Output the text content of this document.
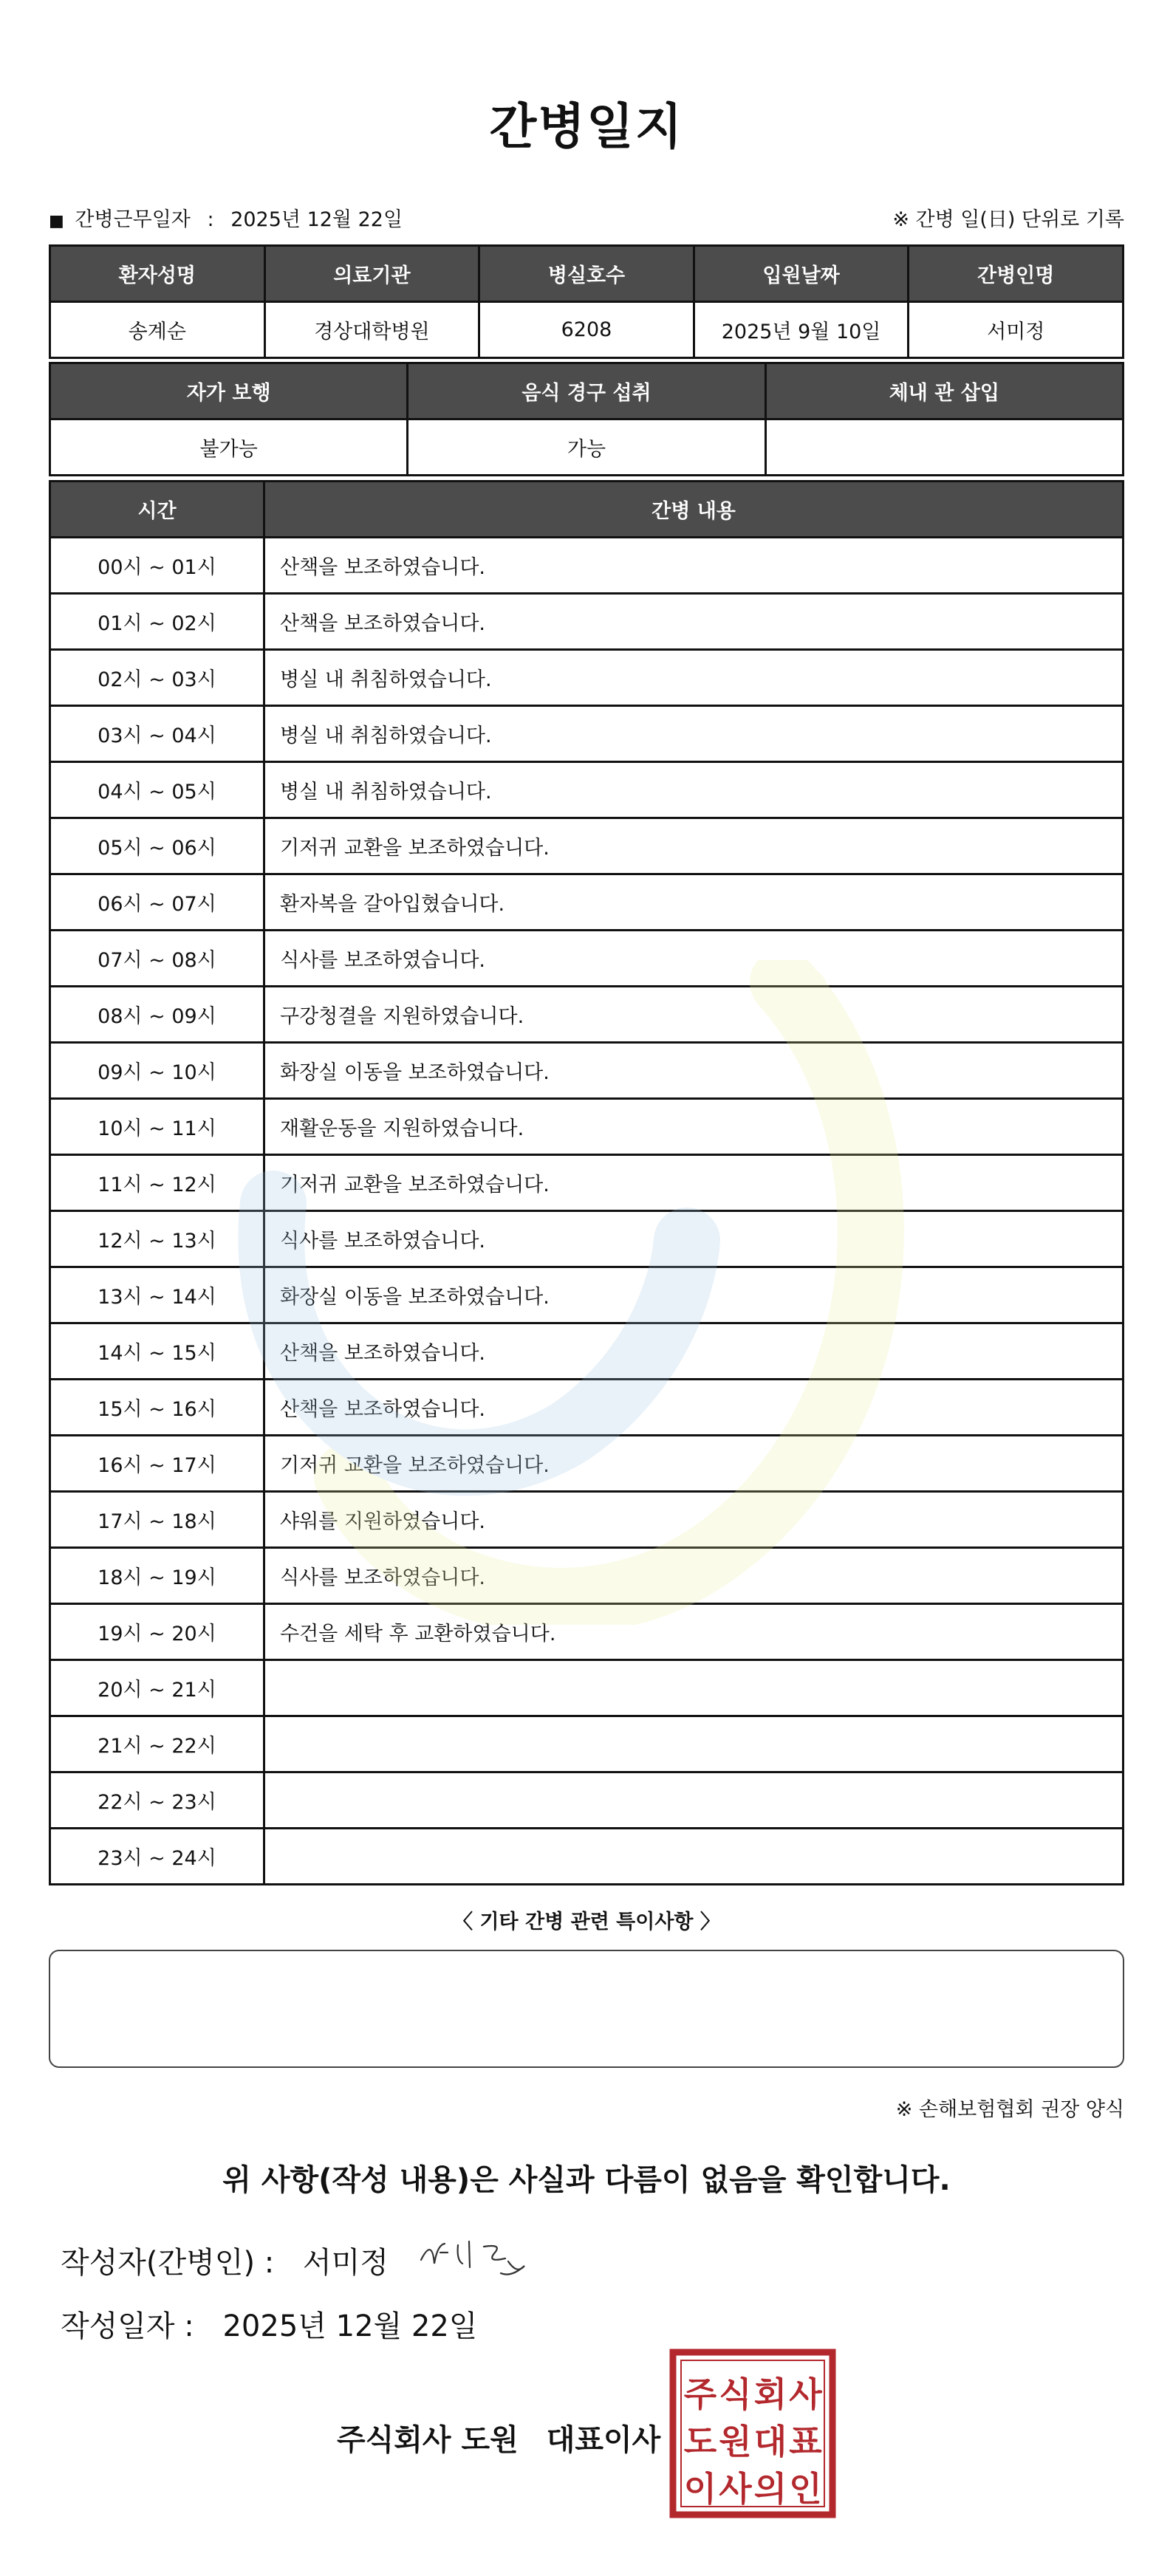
간병일지
■ 간병근무일자 : 2025년 12월 22일	※ 간병 일(日) 단위로 기록
환자성명	의료기관	병실호수	입원날짜	간병인명
송계순	경상대학병원	6208	2025년 9월 10일	서미정
자가 보행	음식 경구 섭취	체내 관 삽입
불가능	가능	
시간	간병 내용
00시 ~ 01시	산책을 보조하였습니다.
01시 ~ 02시	산책을 보조하였습니다.
02시 ~ 03시	병실 내 취침하였습니다.
03시 ~ 04시	병실 내 취침하였습니다.
04시 ~ 05시	병실 내 취침하였습니다.
05시 ~ 06시	기저귀 교환을 보조하였습니다.
06시 ~ 07시	환자복을 갈아입혔습니다.
07시 ~ 08시	식사를 보조하였습니다.
08시 ~ 09시	구강청결을 지원하였습니다.
09시 ~ 10시	화장실 이동을 보조하였습니다.
10시 ~ 11시	재활운동을 지원하였습니다.
11시 ~ 12시	기저귀 교환을 보조하였습니다.
12시 ~ 13시	식사를 보조하였습니다.
13시 ~ 14시	화장실 이동을 보조하였습니다.
14시 ~ 15시	산책을 보조하였습니다.
15시 ~ 16시	산책을 보조하였습니다.
16시 ~ 17시	기저귀 교환을 보조하였습니다.
17시 ~ 18시	샤워를 지원하였습니다.
18시 ~ 19시	식사를 보조하였습니다.
19시 ~ 20시	수건을 세탁 후 교환하였습니다.
20시 ~ 21시	
21시 ~ 22시	
22시 ~ 23시	
23시 ~ 24시	
〈 기타 간병 관련 특이사항 〉
※ 손해보험협회 권장 양식
위 사항(작성 내용)은 사실과 다름이 없음을 확인합니다.
작성자(간병인) : 서미정
작성일자 : 2025년 12월 22일
주식회사 도원 대표이사
주 식 회 사
도 원 대 표
이 사 의 인
